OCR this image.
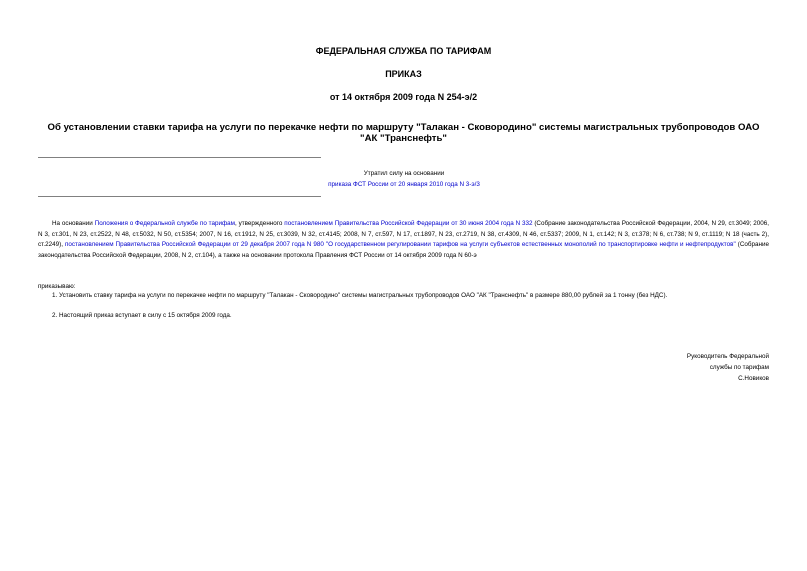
ФЕДЕРАЛЬНАЯ СЛУЖБА ПО ТАРИФАМ
ПРИКАЗ
от 14 октября 2009 года N 254-э/2
Об установлении ставки тарифа на услуги по перекачке нефти по маршруту "Талакан - Сковородино" системы магистральных трубопроводов ОАО "АК "Транснефть"
Утратил силу на основании
приказа ФСТ России от 20 января 2010 года N 3-э/3
На основании Положения о Федеральной службе по тарифам, утвержденного постановлением Правительства Российской Федерации от 30 июня 2004 года N 332 (Собрание законодательства Российской Федерации, 2004, N 29, ст.3049; 2006, N 3, ст.301, N 23, ст.2522, N 48, ст.5032, N 50, ст.5354; 2007, N 16, ст.1912, N 25, ст.3039, N 32, ст.4145; 2008, N 7, ст.597, N 17, ст.1897, N 23, ст.2719, N 38, ст.4309, N 46, ст.5337; 2009, N 1, ст.142; N 3, ст.378; N 6, ст.738; N 9, ст.1119; N 18 (часть 2), ст.2249), постановлением Правительства Российской Федерации от 29 декабря 2007 года N 980 "О государственном регулировании тарифов на услуги субъектов естественных монополий по транспортировке нефти и нефтепродуктов" (Собрание законодательства Российской Федерации, 2008, N 2, ст.104), а также на основании протокола Правления ФСТ России от 14 октября 2009 года N 60-э
приказываю:
1. Установить ставку тарифа на услуги по перекачке нефти по маршруту "Талакан - Сковородино" системы магистральных трубопроводов ОАО "АК "Транснефть" в размере 880,00 рублей за 1 тонну (без НДС).
2. Настоящий приказ вступает в силу с 15 октября 2009 года.
Руководитель Федеральной
службы по тарифам
С.Новиков
